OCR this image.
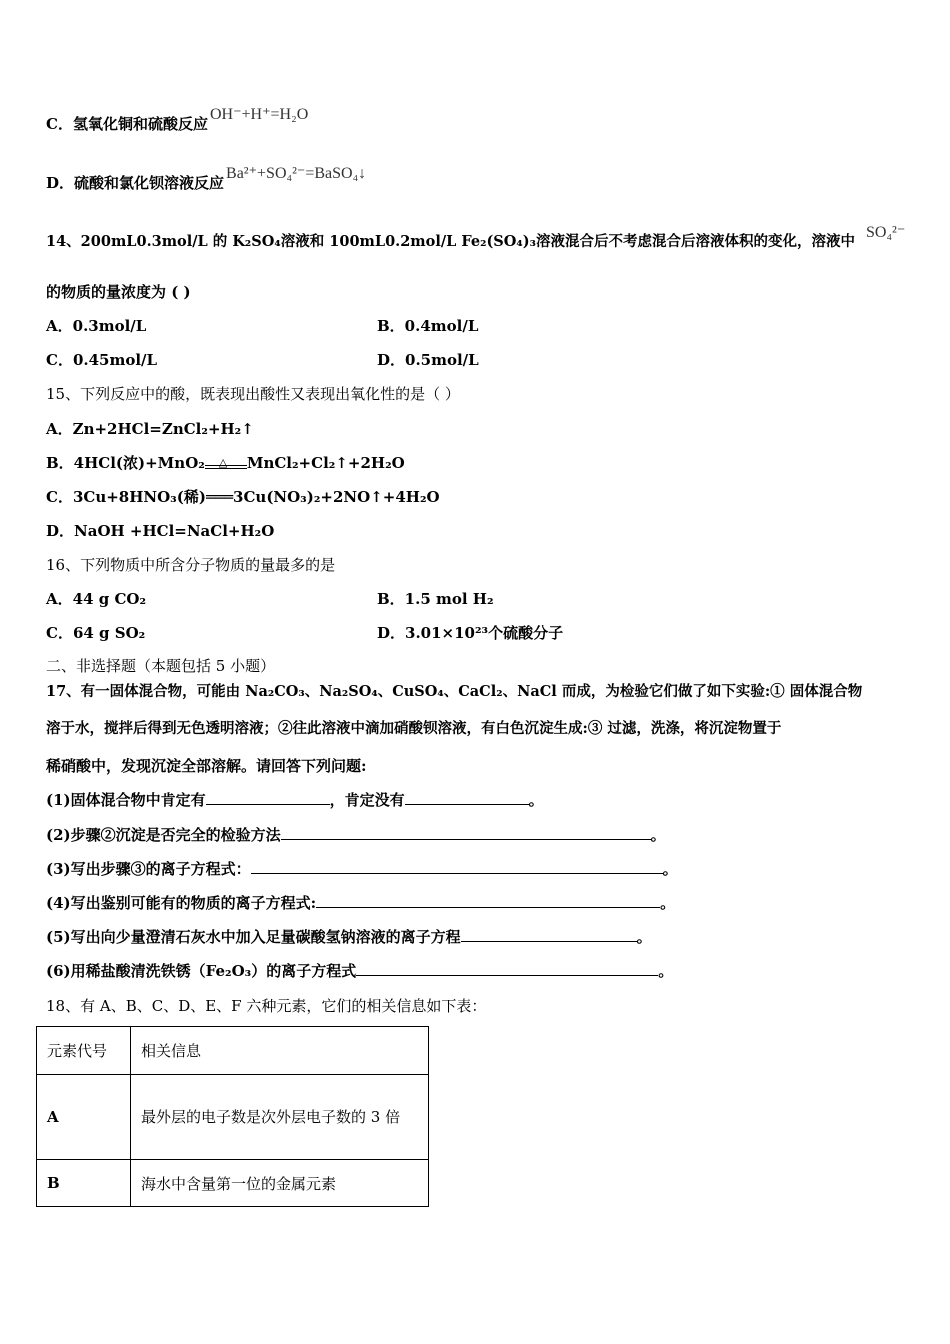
C．氢氧化铜和硫酸反应OH⁻+H⁺=H₂O
D．硫酸和氯化钡溶液反应Ba²⁺+SO₄²⁻=BaSO₄↓
14、200mL0.3mol/L 的 K₂SO₄溶液和 100mL0.2mol/L Fe₂(SO₄)₃溶液混合后不考虑混合后溶液体积的变化，溶液中
SO₄²⁻
的物质的量浓度为 ( )
A．0.3mol/L	B．0.4mol/L
C．0.45mol/L	D．0.5mol/L
15、下列反应中的酸，既表现出酸性又表现出氧化性的是（ ）
A．Zn+2HCl=ZnCl₂+H₂↑
B．4HCl(浓)+MnO₂ △ MnCl₂+Cl₂↑+2H₂O
C．3Cu+8HNO₃(稀)═══3Cu(NO₃)₂+2NO↑+4H₂O
D．NaOH +HCl=NaCl+H₂O
16、下列物质中所含分子物质的量最多的是
A．44 g CO₂	B．1.5 mol H₂
C．64 g SO₂	D．3.01×10²³个硫酸分子
二、非选择题（本题包括 5 小题）
17、有一固体混合物，可能由 Na₂CO₃、Na₂SO₄、CuSO₄、CaCl₂、NaCl 而成，为检验它们做了如下实验:① 固体混合物
溶于水，搅拌后得到无色透明溶液；②往此溶液中滴加硝酸钡溶液，有白色沉淀生成:③ 过滤，洗涤，将沉淀物置于
稀硝酸中，发现沉淀全部溶解。请回答下列问题:
(1)固体混合物中肯定有	，肯定没有	。
(2)步骤②沉淀是否完全的检验方法	。
(3)写出步骤③的离子方程式：	。
(4)写出鉴别可能有的物质的离子方程式:	。
(5)写出向少量澄清石灰水中加入足量碳酸氢钠溶液的离子方程	。
(6)用稀盐酸清洗铁锈（Fe₂O₃）的离子方程式	。
18、有 A、B、C、D、E、F 六种元素，它们的相关信息如下表：
元素代号	相关信息
A	最外层的电子数是次外层电子数的 3 倍
B	海水中含量第一位的金属元素
